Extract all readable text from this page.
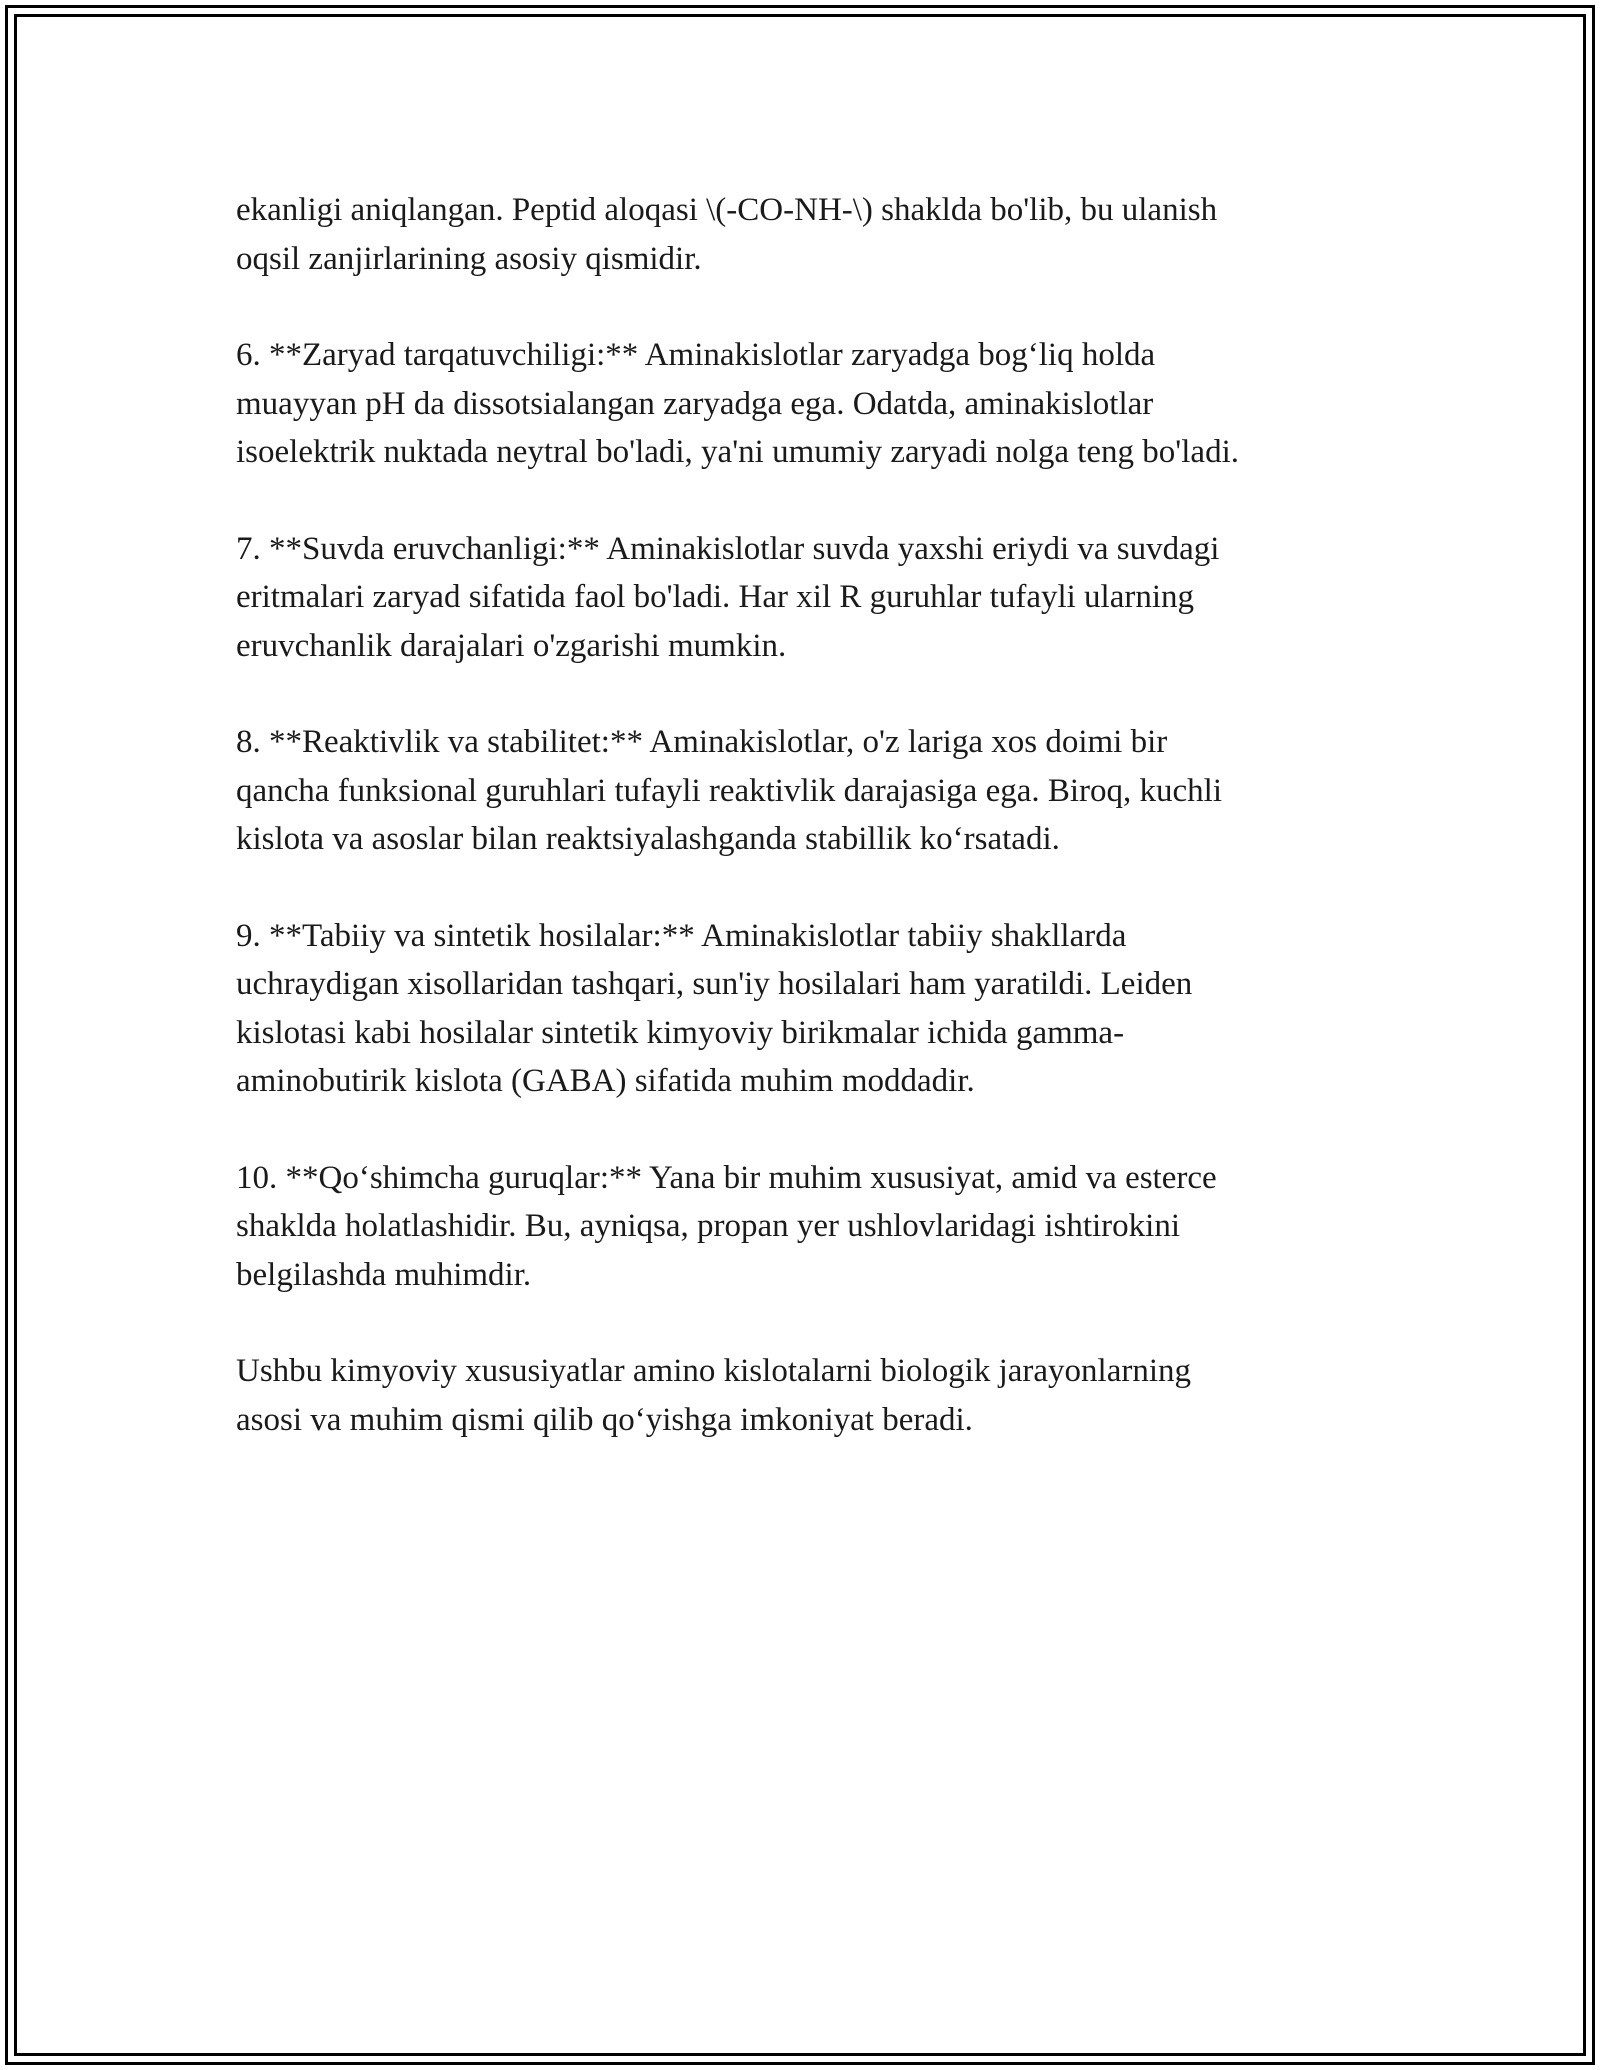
ekanligi aniqlangan. Peptid aloqasi \(-CO-NH-\) shaklda bo'lib, bu ulanish
oqsil zanjirlarining asosiy qismidir.

6. **Zaryad tarqatuvchiligi:** Aminakislotlar zaryadga bog‘liq holda
muayyan pH da dissotsialangan zaryadga ega. Odatda, aminakislotlar
isoelektrik nuktada neytral bo'ladi, ya'ni umumiy zaryadi nolga teng bo'ladi.

7. **Suvda eruvchanligi:** Aminakislotlar suvda yaxshi eriydi va suvdagi
eritmalari zaryad sifatida faol bo'ladi. Har xil R guruhlar tufayli ularning
eruvchanlik darajalari o'zgarishi mumkin.

8. **Reaktivlik va stabilitet:** Aminakislotlar, o'z lariga xos doimi bir
qancha funksional guruhlari tufayli reaktivlik darajasiga ega. Biroq, kuchli
kislota va asoslar bilan reaktsiyalashganda stabillik ko‘rsatadi.

9. **Tabiiy va sintetik hosilalar:** Aminakislotlar tabiiy shakllarda
uchraydigan xisollaridan tashqari, sun'iy hosilalari ham yaratildi. Leiden
kislotasi kabi hosilalar sintetik kimyoviy birikmalar ichida gamma-
aminobutirik kislota (GABA) sifatida muhim moddadir.

10. **Qo‘shimcha guruqlar:** Yana bir muhim xususiyat, amid va esterce
shaklda holatlashidir. Bu, ayniqsa, propan yer ushlovlaridagi ishtirokini
belgilashda muhimdir.

Ushbu kimyoviy xususiyatlar amino kislotalarni biologik jarayonlarning
asosi va muhim qismi qilib qo‘yishga imkoniyat beradi.
